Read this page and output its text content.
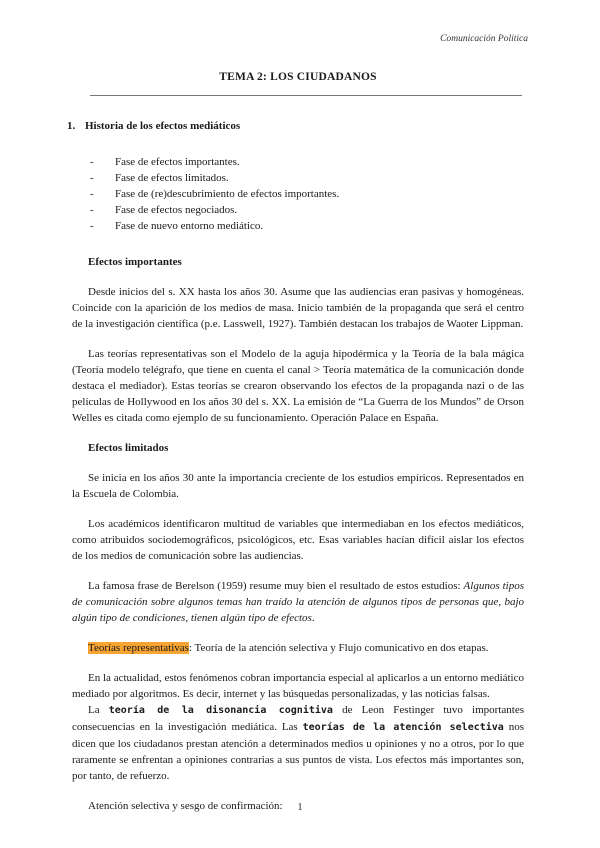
Comunicación Política
TEMA 2: LOS CIUDADANOS
1. Historia de los efectos mediáticos
- Fase de efectos importantes.
- Fase de efectos limitados.
- Fase de (re)descubrimiento de efectos importantes.
- Fase de efectos negociados.
- Fase de nuevo entorno mediático.
Efectos importantes

Desde inicios del s. XX hasta los años 30. Asume que las audiencias eran pasivas y homogéneas. Coincide con la aparición de los medios de masa. Inicio también de la propaganda que será el centro de la investigación científica (p.e. Lasswell, 1927). También destacan los trabajos de Waoter Lippman.

Las teorías representativas son el Modelo de la aguja hipodérmica y la Teoría de la bala mágica (Teoría modelo telégrafo, que tiene en cuenta el canal > Teoría matemática de la comunicación donde destaca el mediador). Estas teorías se crearon observando los efectos de la propaganda nazi o de las películas de Hollywood en los años 30 del s. XX. La emisión de “La Guerra de los Mundos” de Orson Welles es citada como ejemplo de su funcionamiento. Operación Palace en España.

Efectos limitados

Se inicia en los años 30 ante la importancia creciente de los estudios empíricos. Representados en la Escuela de Colombia.

Los académicos identificaron multitud de variables que intermediaban en los efectos mediáticos, como atribuidos sociodemográficos, psicológicos, etc. Esas variables hacían difícil aislar los efectos de los medios de comunicación sobre las audiencias.

La famosa frase de Berelson (1959) resume muy bien el resultado de estos estudios: Algunos tipos de comunicación sobre algunos temas han traído la atención de algunos tipos de personas que, bajo algún tipo de condiciones, tienen algún tipo de efectos.

Teorías representativas: Teoría de la atención selectiva y Flujo comunicativo en dos etapas.

En la actualidad, estos fenómenos cobran importancia especial al aplicarlos a un entorno mediático mediado por algoritmos. Es decir, internet y las búsquedas personalizadas, y las noticias falsas.

La teoría de la disonancia cognitiva de Leon Festinger tuvo importantes consecuencias en la investigación mediática. Las teorías de la atención selectiva nos dicen que los ciudadanos prestan atención a determinados medios u opiniones y no a otros, por lo que raramente se enfrentan a opiniones contrarias a sus puntos de vista. Los efectos más importantes son, por tanto, de refuerzo.

Atención selectiva y sesgo de confirmación:	1
